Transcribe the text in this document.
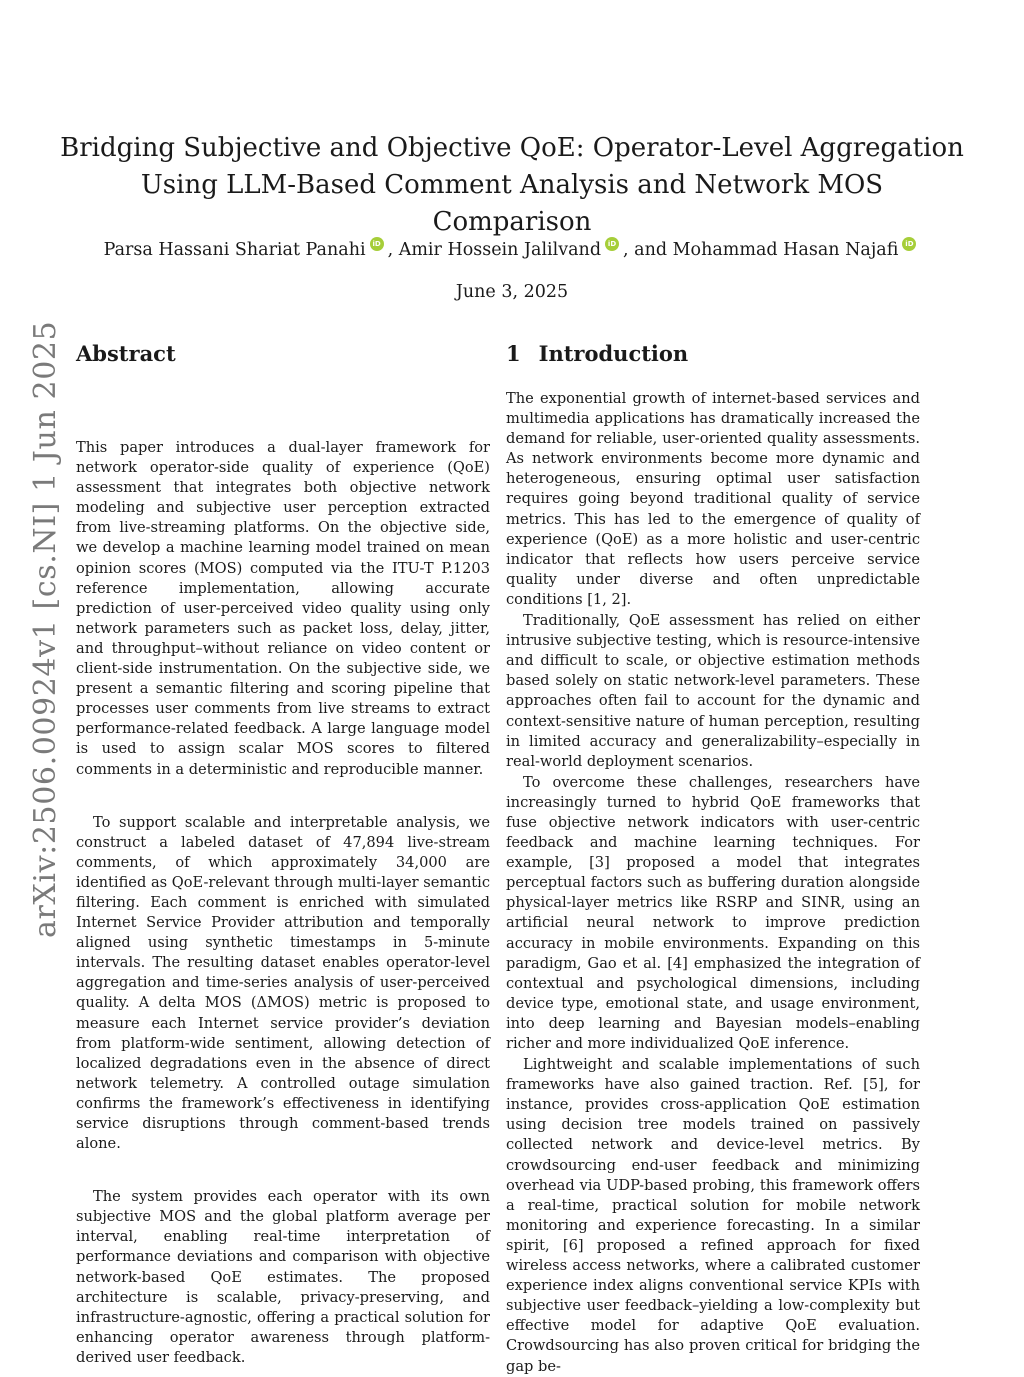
arXiv:2506.00924v1 [cs.NI] 1 Jun 2025
Bridging Subjective and Objective QoE: Operator-Level Aggregation
Using LLM-Based Comment Analysis and Network MOS Comparison
Parsa Hassani Shariat Panahi iD , Amir Hossein Jalilvand iD , and Mohammad Hasan NajafiiD
June 3, 2025
Abstract

This paper introduces a dual-layer framework for network operator-side quality of experience (QoE) assessment that integrates both objective network modeling and subjective user perception extracted from live-streaming platforms. On the objective side, we develop a machine learning model trained on mean opinion scores (MOS) computed via the ITU-T P.1203 reference implementation, allowing accurate prediction of user-perceived video quality using only network parameters such as packet loss, delay, jitter, and throughput–without reliance on video content or client-side instrumentation. On the subjective side, we present a semantic filtering and scoring pipeline that processes user comments from live streams to extract performance-related feedback. A large language model is used to assign scalar MOS scores to filtered comments in a deterministic and reproducible manner.

To support scalable and interpretable analysis, we construct a labeled dataset of 47,894 live-stream comments, of which approximately 34,000 are identified as QoE-relevant through multi-layer semantic filtering. Each comment is enriched with simulated Internet Service Provider attribution and temporally aligned using synthetic timestamps in 5-minute intervals. The resulting dataset enables operator-level aggregation and time-series analysis of user-perceived quality. A delta MOS (ΔMOS) metric is proposed to measure each Internet service provider’s deviation from platform-wide sentiment, allowing detection of localized degradations even in the absence of direct network telemetry. A controlled outage simulation confirms the framework’s effectiveness in identifying service disruptions through comment-based trends alone.

The system provides each operator with its own subjective MOS and the global platform average per interval, enabling real-time interpretation of performance deviations and comparison with objective network-based QoE estimates. The proposed architecture is scalable, privacy-preserving, and infrastructure-agnostic, offering a practical solution for enhancing operator awareness through platform-derived user feedback.

1 Introduction

The exponential growth of internet-based services and multimedia applications has dramatically increased the demand for reliable, user-oriented quality assessments. As network environments become more dynamic and heterogeneous, ensuring optimal user satisfaction requires going beyond traditional quality of service metrics. This has led to the emergence of quality of experience (QoE) as a more holistic and user-centric indicator that reflects how users perceive service quality under diverse and often unpredictable conditions [1, 2].

Traditionally, QoE assessment has relied on either intrusive subjective testing, which is resource-intensive and difficult to scale, or objective estimation methods based solely on static network-level parameters. These approaches often fail to account for the dynamic and context-sensitive nature of human perception, resulting in limited accuracy and generalizability–especially in real-world deployment scenarios.

To overcome these challenges, researchers have increasingly turned to hybrid QoE frameworks that fuse objective network indicators with user-centric feedback and machine learning techniques. For example, [3] proposed a model that integrates perceptual factors such as buffering duration alongside physical-layer metrics like RSRP and SINR, using an artificial neural network to improve prediction accuracy in mobile environments. Expanding on this paradigm, Gao et al. [4] emphasized the integration of contextual and psychological dimensions, including device type, emotional state, and usage environment, into deep learning and Bayesian models–enabling richer and more individualized QoE inference.

Lightweight and scalable implementations of such frameworks have also gained traction. Ref. [5], for instance, provides cross-application QoE estimation using decision tree models trained on passively collected network and device-level metrics. By crowdsourcing end-user feedback and minimizing overhead via UDP-based probing, this framework offers a real-time, practical solution for mobile network monitoring and experience forecasting. In a similar spirit, [6] proposed a refined approach for fixed wireless access networks, where a calibrated customer experience index aligns conventional service KPIs with subjective user feedback–yielding a low-complexity but effective model for adaptive QoE evaluation. Crowdsourcing has also proven critical for bridging the gap be-
